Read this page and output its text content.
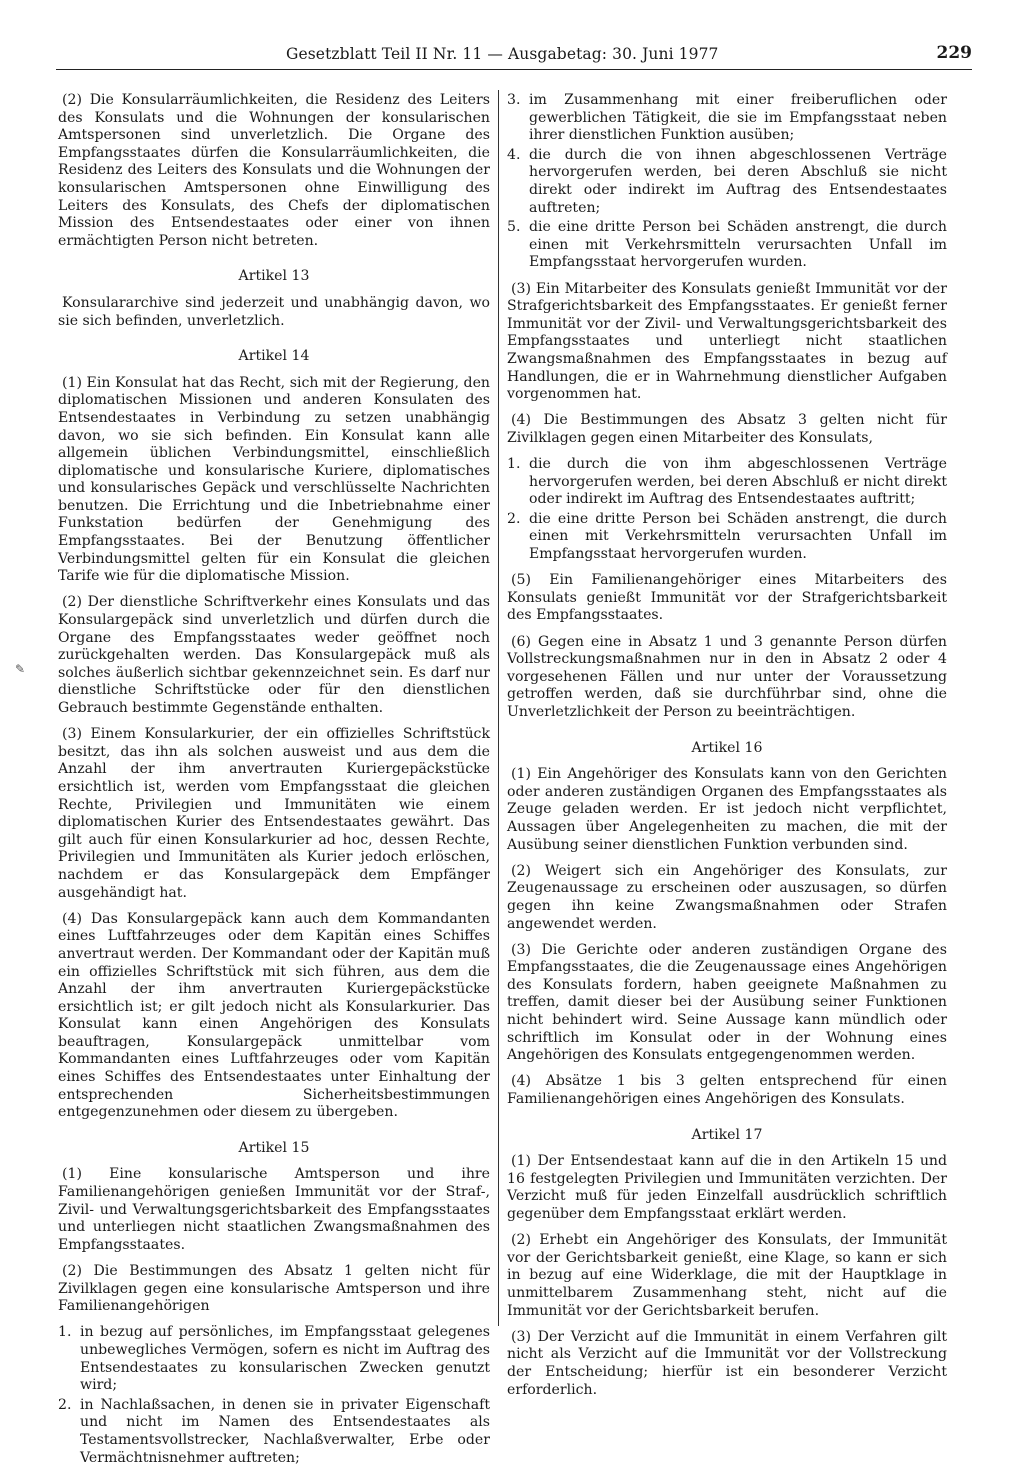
Gesetzblatt Teil II Nr. 11 — Ausgabetag: 30. Juni 1977	229
✎

(2) Die Konsularräumlichkeiten, die Residenz des Leiters des Konsulats und die Wohnungen der konsularischen Amtspersonen sind unverletzlich. Die Organe des Empfangsstaates dürfen die Konsularräumlichkeiten, die Residenz des Leiters des Konsulats und die Wohnungen der konsularischen Amtspersonen ohne Einwilligung des Leiters des Konsulats, des Chefs der diplomatischen Mission des Entsendestaates oder einer von ihnen ermächtigten Person nicht betreten.

Artikel 13

Konsulararchive sind jederzeit und unabhängig davon, wo sie sich befinden, unverletzlich.

Artikel 14

(1) Ein Konsulat hat das Recht, sich mit der Regierung, den diplomatischen Missionen und anderen Konsulaten des Entsendestaates in Verbindung zu setzen unabhängig davon, wo sie sich befinden. Ein Konsulat kann alle allgemein üblichen Verbindungsmittel, einschließlich diplomatische und konsularische Kuriere, diplomatisches und konsularisches Gepäck und verschlüsselte Nachrichten benutzen. Die Errichtung und die Inbetriebnahme einer Funkstation bedürfen der Genehmigung des Empfangsstaates. Bei der Benutzung öffentlicher Verbindungsmittel gelten für ein Konsulat die gleichen Tarife wie für die diplomatische Mission.

(2) Der dienstliche Schriftverkehr eines Konsulats und das Konsulargepäck sind unverletzlich und dürfen durch die Organe des Empfangsstaates weder geöffnet noch zurückgehalten werden. Das Konsulargepäck muß als solches äußerlich sichtbar gekennzeichnet sein. Es darf nur dienstliche Schriftstücke oder für den dienstlichen Gebrauch bestimmte Gegenstände enthalten.

(3) Einem Konsularkurier, der ein offizielles Schriftstück besitzt, das ihn als solchen ausweist und aus dem die Anzahl der ihm anvertrauten Kuriergepäckstücke ersichtlich ist, werden vom Empfangsstaat die gleichen Rechte, Privilegien und Immunitäten wie einem diplomatischen Kurier des Entsendestaates gewährt. Das gilt auch für einen Konsularkurier ad hoc, dessen Rechte, Privilegien und Immunitäten als Kurier jedoch erlöschen, nachdem er das Konsulargepäck dem Empfänger ausgehändigt hat.

(4) Das Konsulargepäck kann auch dem Kommandanten eines Luftfahrzeuges oder dem Kapitän eines Schiffes anvertraut werden. Der Kommandant oder der Kapitän muß ein offizielles Schriftstück mit sich führen, aus dem die Anzahl der ihm anvertrauten Kuriergepäckstücke ersichtlich ist; er gilt jedoch nicht als Konsularkurier. Das Konsulat kann einen Angehörigen des Konsulats beauftragen, Konsulargepäck unmittelbar vom Kommandanten eines Luftfahrzeuges oder vom Kapitän eines Schiffes des Entsendestaates unter Einhaltung der entsprechenden Sicherheitsbestimmungen entgegenzunehmen oder diesem zu übergeben.

Artikel 15

(1) Eine konsularische Amtsperson und ihre Familienangehörigen genießen Immunität vor der Straf-, Zivil- und Verwaltungsgerichtsbarkeit des Empfangsstaates und unterliegen nicht staatlichen Zwangsmaßnahmen des Empfangsstaates.

(2) Die Bestimmungen des Absatz 1 gelten nicht für Zivilklagen gegen eine konsularische Amtsperson und ihre Familienangehörigen

1. in bezug auf persönliches, im Empfangsstaat gelegenes unbewegliches Vermögen, sofern es nicht im Auftrag des Entsendestaates zu konsularischen Zwecken genutzt wird;
2. in Nachlaßsachen, in denen sie in privater Eigenschaft und nicht im Namen des Entsendestaates als Testamentsvollstrecker, Nachlaßverwalter, Erbe oder Vermächtnisnehmer auftreten;
3. im Zusammenhang mit einer freiberuflichen oder gewerblichen Tätigkeit, die sie im Empfangsstaat neben ihrer dienstlichen Funktion ausüben;
4. die durch die von ihnen abgeschlossenen Verträge hervorgerufen werden, bei deren Abschluß sie nicht direkt oder indirekt im Auftrag des Entsendestaates auftreten;
5. die eine dritte Person bei Schäden anstrengt, die durch einen mit Verkehrsmitteln verursachten Unfall im Empfangsstaat hervorgerufen wurden.

(3) Ein Mitarbeiter des Konsulats genießt Immunität vor der Strafgerichtsbarkeit des Empfangsstaates. Er genießt ferner Immunität vor der Zivil- und Verwaltungsgerichtsbarkeit des Empfangsstaates und unterliegt nicht staatlichen Zwangsmaßnahmen des Empfangsstaates in bezug auf Handlungen, die er in Wahrnehmung dienstlicher Aufgaben vorgenommen hat.

(4) Die Bestimmungen des Absatz 3 gelten nicht für Zivilklagen gegen einen Mitarbeiter des Konsulats,

1. die durch die von ihm abgeschlossenen Verträge hervorgerufen werden, bei deren Abschluß er nicht direkt oder indirekt im Auftrag des Entsendestaates auftritt;
2. die eine dritte Person bei Schäden anstrengt, die durch einen mit Verkehrsmitteln verursachten Unfall im Empfangsstaat hervorgerufen wurden.

(5) Ein Familienangehöriger eines Mitarbeiters des Konsulats genießt Immunität vor der Strafgerichtsbarkeit des Empfangsstaates.

(6) Gegen eine in Absatz 1 und 3 genannte Person dürfen Vollstreckungsmaßnahmen nur in den in Absatz 2 oder 4 vorgesehenen Fällen und nur unter der Voraussetzung getroffen werden, daß sie durchführbar sind, ohne die Unverletzlichkeit der Person zu beeinträchtigen.

Artikel 16

(1) Ein Angehöriger des Konsulats kann von den Gerichten oder anderen zuständigen Organen des Empfangsstaates als Zeuge geladen werden. Er ist jedoch nicht verpflichtet, Aussagen über Angelegenheiten zu machen, die mit der Ausübung seiner dienstlichen Funktion verbunden sind.

(2) Weigert sich ein Angehöriger des Konsulats, zur Zeugenaussage zu erscheinen oder auszusagen, so dürfen gegen ihn keine Zwangsmaßnahmen oder Strafen angewendet werden.

(3) Die Gerichte oder anderen zuständigen Organe des Empfangsstaates, die die Zeugenaussage eines Angehörigen des Konsulats fordern, haben geeignete Maßnahmen zu treffen, damit dieser bei der Ausübung seiner Funktionen nicht behindert wird. Seine Aussage kann mündlich oder schriftlich im Konsulat oder in der Wohnung eines Angehörigen des Konsulats entgegengenommen werden.

(4) Absätze 1 bis 3 gelten entsprechend für einen Familienangehörigen eines Angehörigen des Konsulats.

Artikel 17

(1) Der Entsendestaat kann auf die in den Artikeln 15 und 16 festgelegten Privilegien und Immunitäten verzichten. Der Verzicht muß für jeden Einzelfall ausdrücklich schriftlich gegenüber dem Empfangsstaat erklärt werden.

(2) Erhebt ein Angehöriger des Konsulats, der Immunität vor der Gerichtsbarkeit genießt, eine Klage, so kann er sich in bezug auf eine Widerklage, die mit der Hauptklage in unmittelbarem Zusammenhang steht, nicht auf die Immunität vor der Gerichtsbarkeit berufen.

(3) Der Verzicht auf die Immunität in einem Verfahren gilt nicht als Verzicht auf die Immunität vor der Vollstreckung der Entscheidung; hierfür ist ein besonderer Verzicht erforderlich.
